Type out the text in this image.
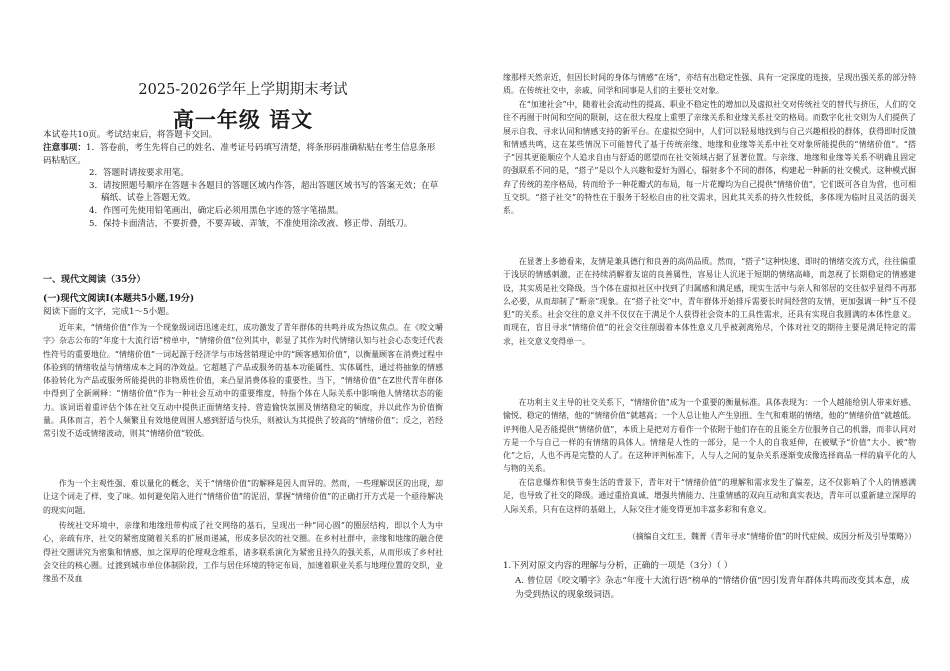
2025-2026学年上学期期末考试
高一年级 语文
本试卷共10页。考试结束后，将答题卡交回。
注意事项：1．答卷前，考生先将自己的姓名、准考证号码填写清楚，将条形码准确粘贴在考生信息条形码粘贴区。
2．答题时请按要求用笔。
3．请按照题号顺序在答题卡各题目的答题区域内作答，超出答题区域书写的答案无效；在草稿纸、试卷上答题无效。
4．作图可先使用铅笔画出，确定后必须用黑色字迹的签字笔描黑。
5．保持卡面清洁，不要折叠，不要弄破、弄皱，不准使用涂改液、修正带、刮纸刀。
一、现代文阅读（35分）
(一)现代文阅读Ⅰ(本题共5小题,19分)
阅读下面的文字，完成1～5小题。
近年来，“情绪价值”作为一个现象级词语迅速走红，成功激发了青年群体的共鸣并成为热议焦点。在《咬文嚼字》杂志公布的“年度十大流行语”榜单中，“情绪价值”位列其中，彰显了其作为时代情绪认知与社会心态变迁代表性符号的重要地位。“情绪价值”一词起源于经济学与市场营销理论中的“顾客感知价值”，以衡量顾客在消费过程中体验到的情绪收益与情绪成本之间的净效益。它超越了产品或服务的基本功能属性、实体属性，通过将抽象的情感体验转化为产品或服务所能提供的非物质性价值，来凸显消费体验的重要性。当下，“情绪价值”在Z世代青年群体中得到了全新阐释：“情绪价值”作为一种社会互动中的重要维度，特指个体在人际关系中影响他人情绪状态的能力。该词语着重评估个体在社交互动中提供正面情绪支持、营造愉快氛围及情绪稳定的频度，并以此作为价值衡量。具体而言，若个人频繁且有效地使周围人感到舒适与快乐，则被认为其提供了较高的“情绪价值”；反之，若经常引发不适或情绪波动，则其“情绪价值”较低。
作为一个主观性强、难以量化的概念，关于“情绪价值”的解释是因人而异的。然而，一些理解误区的出现，却让这个词走了样、变了味。如何避免陷入进行“情绪价值”的泥沼，掌握“情绪价值”的正确打开方式是一个亟待解决的现实问题。
传统社交环境中，亲缘和地缘纽带构成了社交网络的基石，呈现出一种“同心圆”的圈层结构，即以个人为中心，亲疏有序，社交的紧密度随着关系的扩展而递减，形成多层次的社交圈。在乡村社群中，亲缘和地缘的融合使得社交圈讲究为密集和情感，加之深厚的伦理观念维系，诸多联系演化为紧密且持久的强关系，从而形成了乡村社会交往的核心圈。过渡到城市单位体制阶段，工作与居住环境的特定布局，加速着职业关系与地理位置的交织，业缘虽不及血
缘那样天然亲近，但因长时间的身体与情感“在场”，亦结有出稳定性强、具有一定深度的连接，呈现出强关系的部分特质。在传统社交中，亲戚、同学和同事是人们的主要社交对象。
在“加速社会”中，随着社会流动性的提高、职业不稳定性的增加以及虚拟社交对传统社交的替代与挤压，人们的交往不再囿于时间和空间的限制，这在很大程度上重塑了亲缘关系和业缘关系社交的格局。而数字化社交则为人们提供了展示自我、寻求认同和情感支持的新平台。在虚拟空间中，人们可以轻易地找到与自己兴趣相投的群体，获得即时反馈和情感共鸣，这在某些情况下可能替代了基于传统亲缘、地缘和业缘等关系中社交对象所能提供的“情绪价值”。“搭子”因其更能顺应个人追求自由与舒适的愿望而在社交领域占据了显著位置。与亲缘、地缘和业缘等关系不明确且固定的强联系不同的是，“搭子”是以个人兴趣和爱好为圆心，辐射多个不同的群体，构建起一种新的社交模式。这种模式摒弃了传统的差序格局，转而给予一种花瓣式的布局，每一片花瓣均为自己提供“情绪价值”，它们既可各自为营，也可相互交织。“搭子社交”的特性在于服务于轻松自由的社交需求，因此其关系的持久性较低，多体现为临时且灵活的弱关系。
在显著上多德看来，友情是兼具德行和良善的高尚品质。然而，“搭子”这种快速、即时的情绪交流方式，往往偏重于浅层的情感刺激，正在持续消解着友谊的良善属性，容易让人沉迷于短期的情绪高峰，而忽视了长期稳定的情感建设，其实质是社交降级。当个体在虚拟社区中找到了归属感和满足感，现实生活中与亲人和邻居的交往似乎显得不再那么必要，从而却制了“断亲”现象。在“搭子社交”中，青年群体开始排斥需要长时间经营的友情，更加强调一种“互不侵犯”的关系。社会交往的意义并不仅仅在于满足个人获得社会资本的工具性需求，还具有实现自我圆满的本体性意义。而现在，盲目寻求“情绪价值”的社会交往削弱着本体性意义几乎被剥离殆尽，个体对社交的期待主要是满足特定的需求，社交意义变得单一。
在功利主义主导的社交关系下，“情绪价值”成为一个重要的衡量标准。具体表现为：一个人越能给别人带来好感、愉悦、稳定的情绪，他的“情绪价值”就越高；一个人总让他人产生别扭、生气和难堪的情绪，他的“情绪价值”就越低。评判他人是否能提供“情绪价值”，本质上是把对方看作一个依附于他们存在的且能全方位服务自己的机器，而非认同对方是一个与自己一样的有情绪的具体人。情绪是人性的一部分，是一个人的自我延伸，在被赋予“价值”大小、被“物化”之后，人也不再是完整的人了。在这种评判标准下，人与人之间的复杂关系逐渐变成像选择商品一样的扁平化的人与物的关系。
在信息爆炸和快节奏生活的背景下，青年对于“情绪价值”的理解和需求发生了偏差，这不仅影响了个人的情感满足，也导致了社交的降级。通过重拾真诚、增强共情能力、注重情感的双向互动和真实表达，青年可以重新建立深厚的人际关系，只有在这样的基础上，人际交往才能变得更加丰富多彩和有意义。
（摘编自文红玉、魏菁《青年寻求“情绪价值”的时代症候、成因分析及引导策略》）
1.下列对原文内容的理解与分析，正确的一项是（3分）（ ）
A. 曾位居《咬文嚼字》杂志“年度十大流行语”榜单的“情绪价值”因引发青年群体共鸣而改变其本意，成为受到热议的现象级词语。
